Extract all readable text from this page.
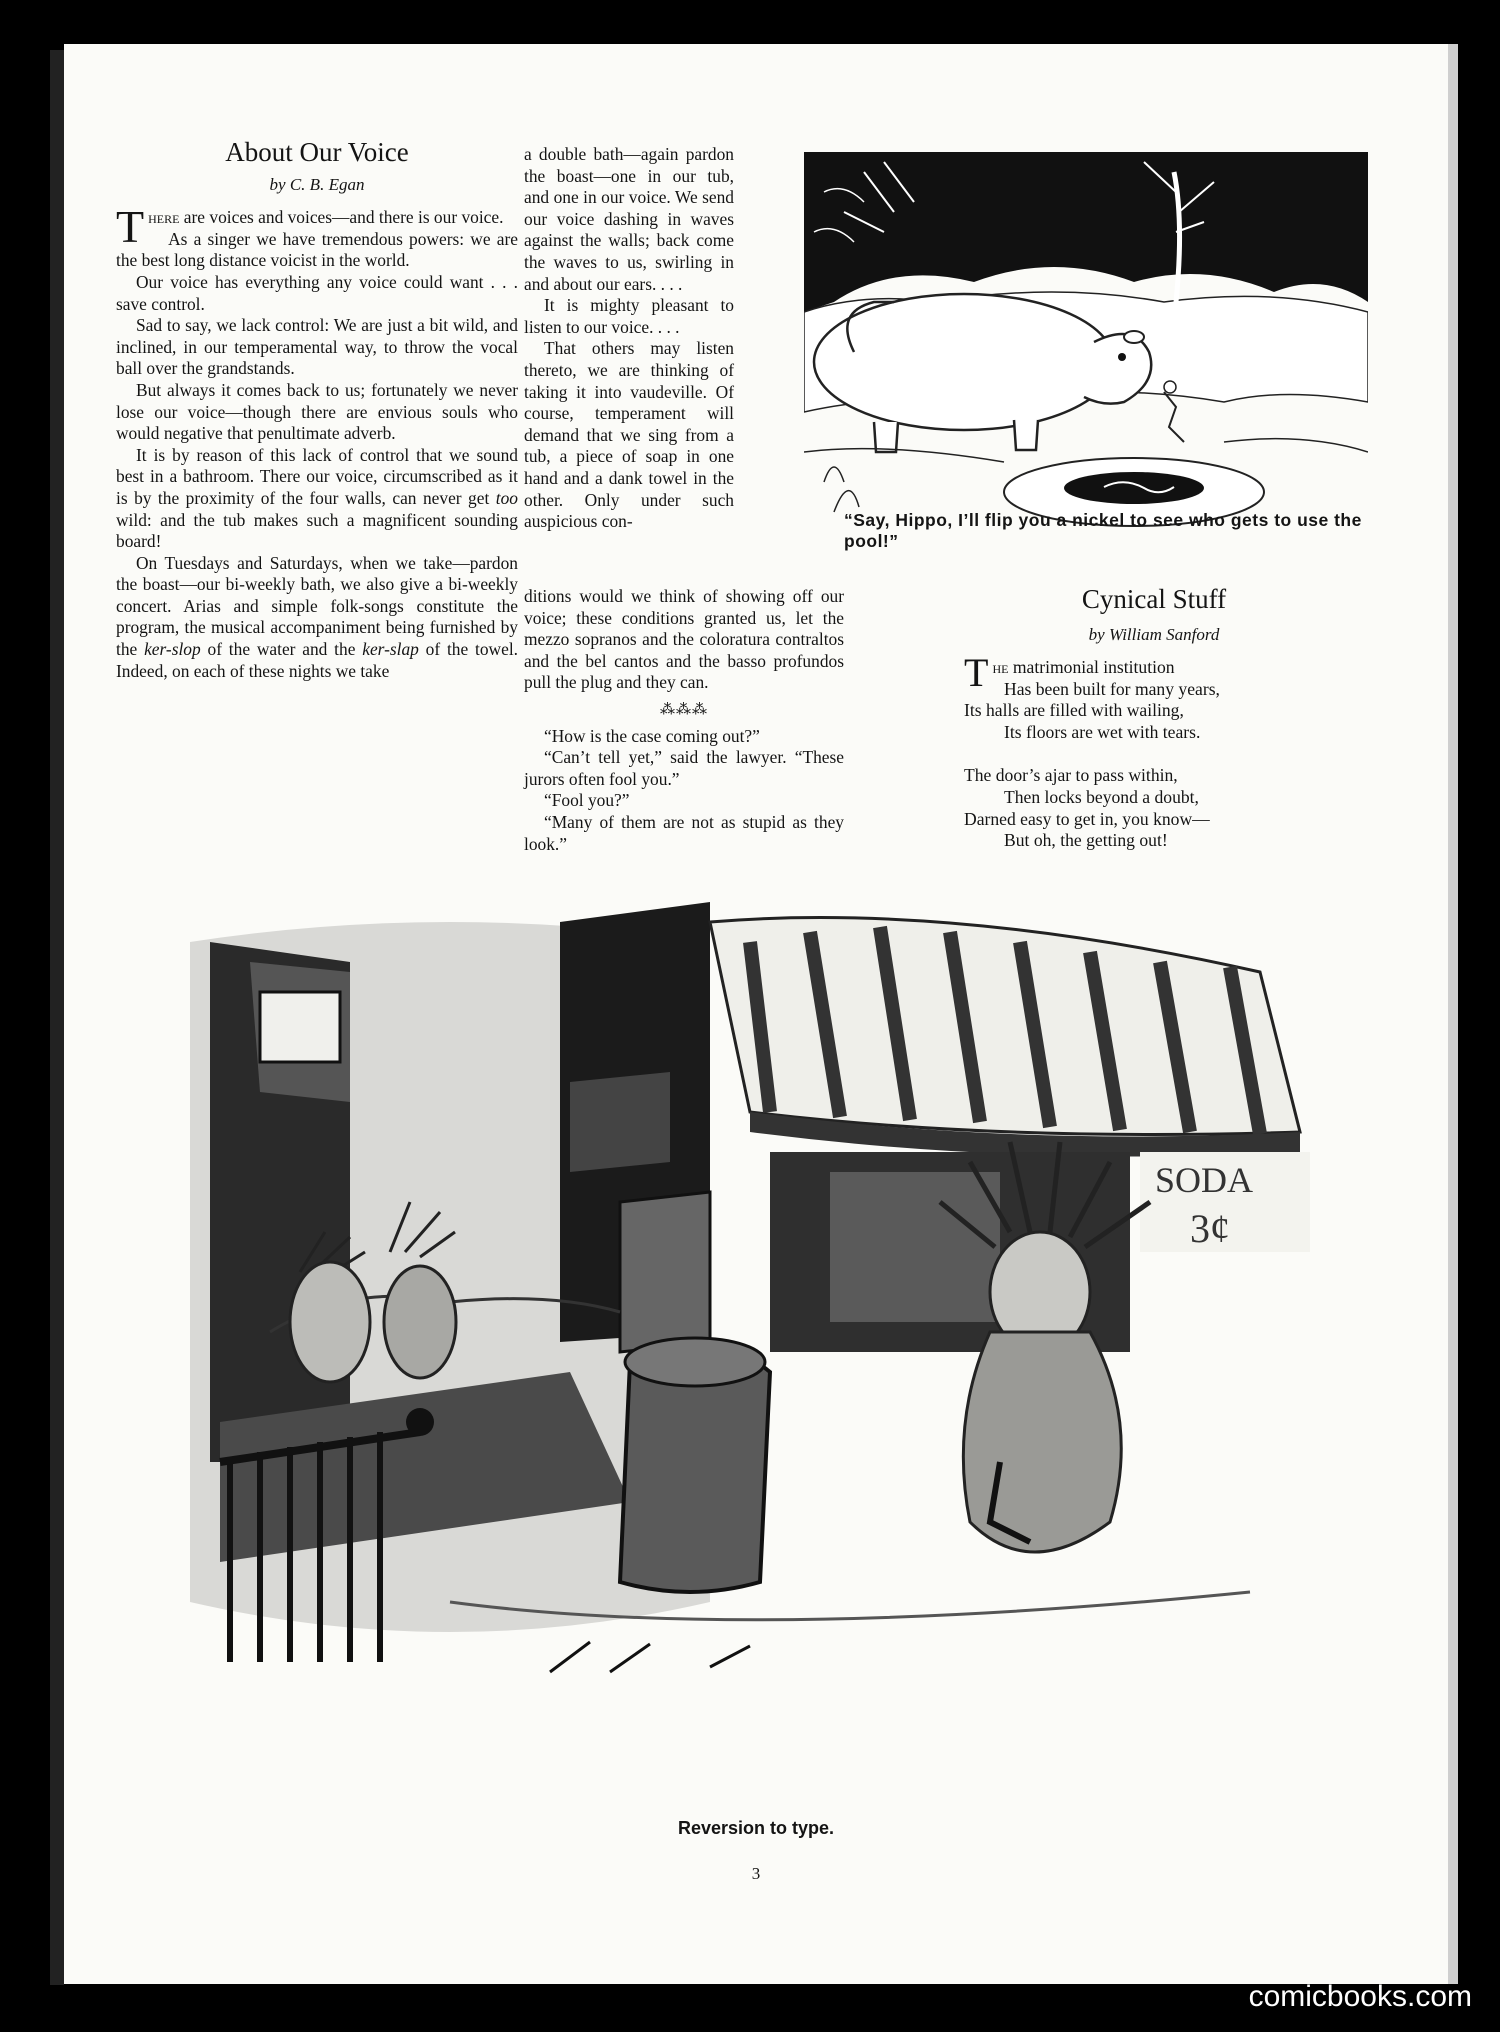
About Our Voice
by C. B. Egan

There are voices and voices—and there is our voice.

As a singer we have tremendous powers: we are the best long distance voicist in the world.

Our voice has everything any voice could want . . . save control.

Sad to say, we lack control: We are just a bit wild, and inclined, in our temperamental way, to throw the vocal ball over the grandstands.

But always it comes back to us; fortunately we never lose our voice—though there are envious souls who would negative that penultimate adverb.

It is by reason of this lack of control that we sound best in a bathroom. There our voice, circumscribed as it is by the proximity of the four walls, can never get too wild: and the tub makes such a magnificent sounding board!

On Tuesdays and Saturdays, when we take—pardon the boast—our bi-weekly bath, we also give a bi-weekly concert. Arias and simple folk-songs constitute the program, the musical accompaniment being furnished by the ker-slop of the water and the ker-slap of the towel. Indeed, on each of these nights we take

a double bath—again pardon the boast—one in our tub, and one in our voice. We send our voice dashing in waves against the walls; back come the waves to us, swirling in and about our ears. . . .

It is mighty pleasant to listen to our voice. . . .

That others may listen thereto, we are thinking of taking it into vaudeville. Of course, temperament will demand that we sing from a tub, a piece of soap in one hand and a dank towel in the other. Only under such auspicious con-

ditions would we think of showing off our voice; these conditions granted us, let the mezzo sopranos and the coloratura contraltos and the bel cantos and the basso profundos pull the plug and they can.

⁂⁂⁂

“How is the case coming out?”

“Can’t tell yet,” said the lawyer. “These jurors often fool you.”

“Fool you?”

“Many of them are not as stupid as they look.”

“Say, Hippo, I’ll flip you a nickel to see who gets to use the pool!”
Cynical Stuff
by William Sanford
The matrimonial institution
Has been built for many years,
Its halls are filled with wailing,
Its floors are wet with tears.
The door’s ajar to pass within,
Then locks beyond a doubt,
Darned easy to get in, you know—
But oh, the getting out!
SODA
3¢
Reversion to type.
3
comicbooks.com
